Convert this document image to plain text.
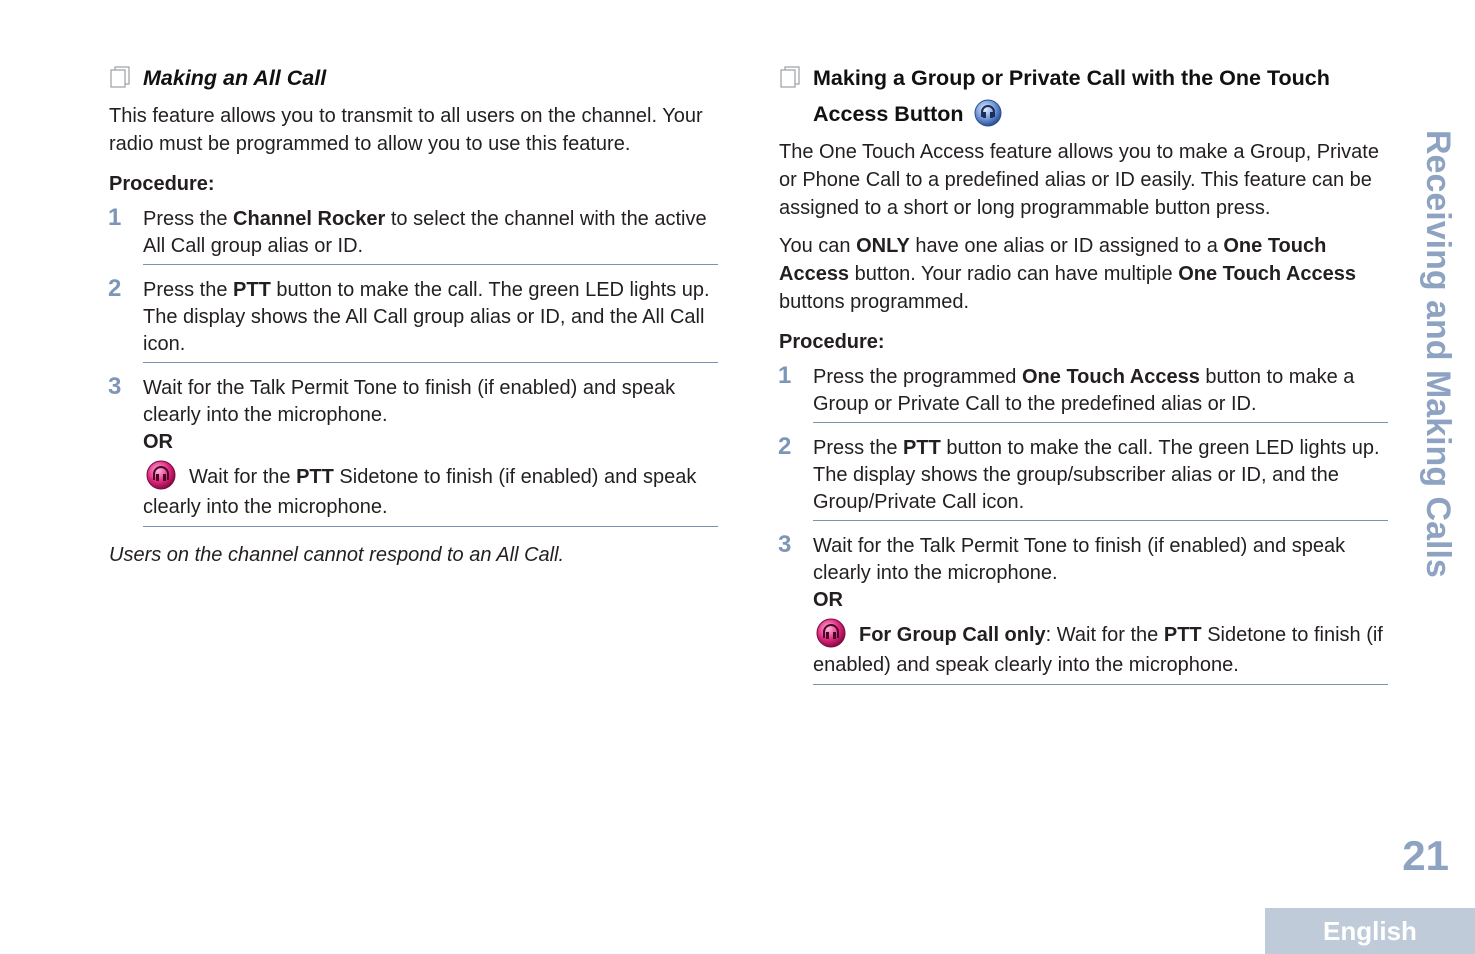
Making an All Call

This feature allows you to transmit to all users on the channel. Your radio must be programmed to allow you to use this feature.

Procedure:
1 Press the Channel Rocker to select the channel with the active All Call group alias or ID.
2 Press the PTT button to make the call. The green LED lights up. The display shows the All Call group alias or ID, and the All Call icon.
3 Wait for the Talk Permit Tone to finish (if enabled) and speak clearly into the microphone.
OR
Wait for the PTT Sidetone to finish (if enabled) and speak clearly into the microphone.

Users on the channel cannot respond to an All Call.

Making a Group or Private Call with the One Touch Access Button

The One Touch Access feature allows you to make a Group, Private or Phone Call to a predefined alias or ID easily. This feature can be assigned to a short or long programmable button press.

You can ONLY have one alias or ID assigned to a One Touch Access button. Your radio can have multiple One Touch Access buttons programmed.

Procedure:
1 Press the programmed One Touch Access button to make a Group or Private Call to the predefined alias or ID.
2 Press the PTT button to make the call. The green LED lights up. The display shows the group/subscriber alias or ID, and the Group/Private Call icon.
3 Wait for the Talk Permit Tone to finish (if enabled) and speak clearly into the microphone.
OR
For Group Call only: Wait for the PTT Sidetone to finish (if enabled) and speak clearly into the microphone.
Receiving and Making Calls
21
English
